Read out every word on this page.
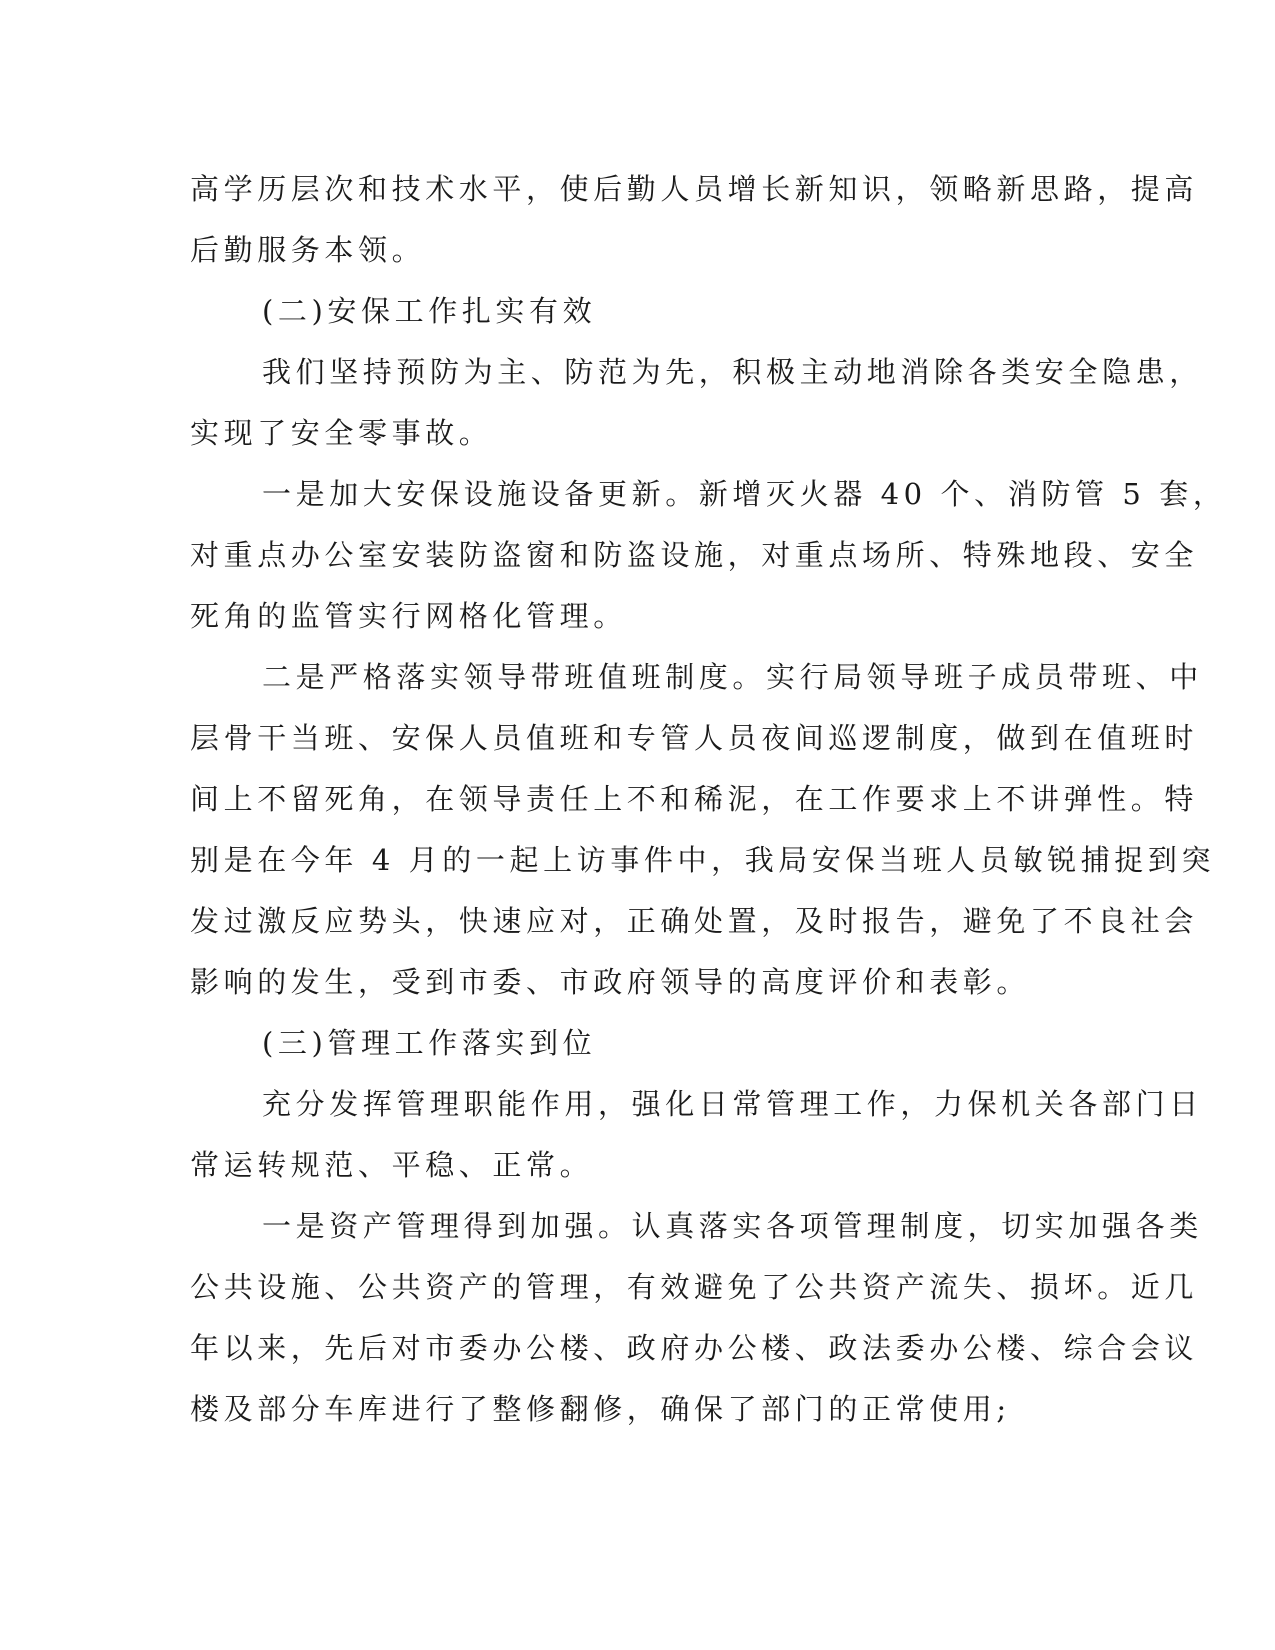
高学历层次和技术水平，使后勤人员增长新知识，领略新思路，提高

后勤服务本领。

(二)安保工作扎实有效

我们坚持预防为主、防范为先，积极主动地消除各类安全隐患，

实现了安全零事故。

一是加大安保设施设备更新。新增灭火器 40 个、消防管 5 套，

对重点办公室安装防盗窗和防盗设施，对重点场所、特殊地段、安全

死角的监管实行网格化管理。

二是严格落实领导带班值班制度。实行局领导班子成员带班、中

层骨干当班、安保人员值班和专管人员夜间巡逻制度，做到在值班时

间上不留死角，在领导责任上不和稀泥，在工作要求上不讲弹性。特

别是在今年 4 月的一起上访事件中，我局安保当班人员敏锐捕捉到突

发过激反应势头，快速应对，正确处置，及时报告，避免了不良社会

影响的发生，受到市委、市政府领导的高度评价和表彰。

(三)管理工作落实到位

充分发挥管理职能作用，强化日常管理工作，力保机关各部门日

常运转规范、平稳、正常。

一是资产管理得到加强。认真落实各项管理制度，切实加强各类

公共设施、公共资产的管理，有效避免了公共资产流失、损坏。近几

年以来，先后对市委办公楼、政府办公楼、政法委办公楼、综合会议

楼及部分车库进行了整修翻修，确保了部门的正常使用;
